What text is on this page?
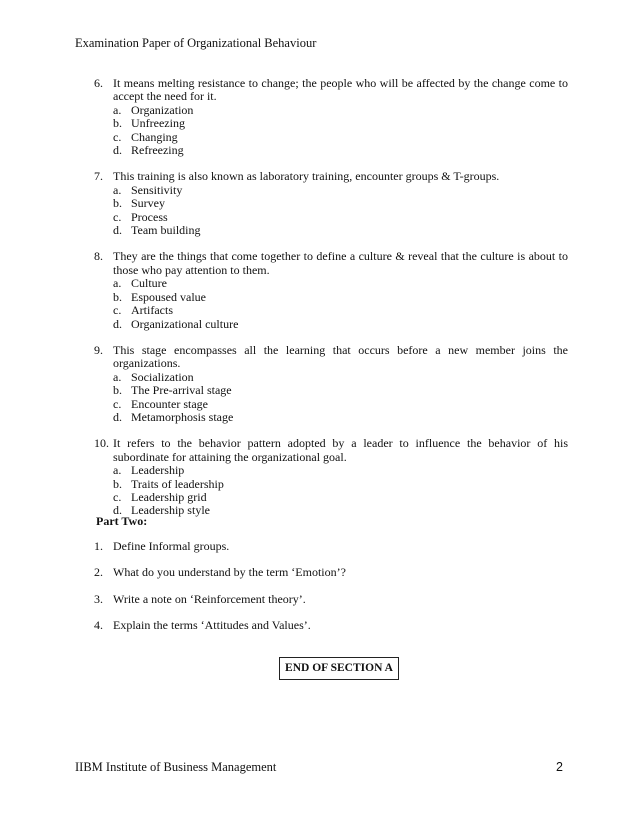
Examination Paper of Organizational Behaviour
6. It means melting resistance to change; the people who will be affected by the change come to accept the need for it.
a. Organization
b. Unfreezing
c. Changing
d. Refreezing
7. This training is also known as laboratory training, encounter groups & T-groups.
a. Sensitivity
b. Survey
c. Process
d. Team building
8. They are the things that come together to define a culture & reveal that the culture is about to those who pay attention to them.
a. Culture
b. Espoused value
c. Artifacts
d. Organizational culture
9. This stage encompasses all the learning that occurs before a new member joins the organizations.
a. Socialization
b. The Pre-arrival stage
c. Encounter stage
d. Metamorphosis stage
10. It refers to the behavior pattern adopted by a leader to influence the behavior of his subordinate for attaining the organizational goal.
a. Leadership
b. Traits of leadership
c. Leadership grid
d. Leadership style
Part Two:
1. Define Informal groups.
2. What do you understand by the term ‘Emotion’?
3. Write a note on ‘Reinforcement theory’.
4. Explain the terms ‘Attitudes and Values’.
END OF SECTION A
IIBM Institute of Business Management	2
